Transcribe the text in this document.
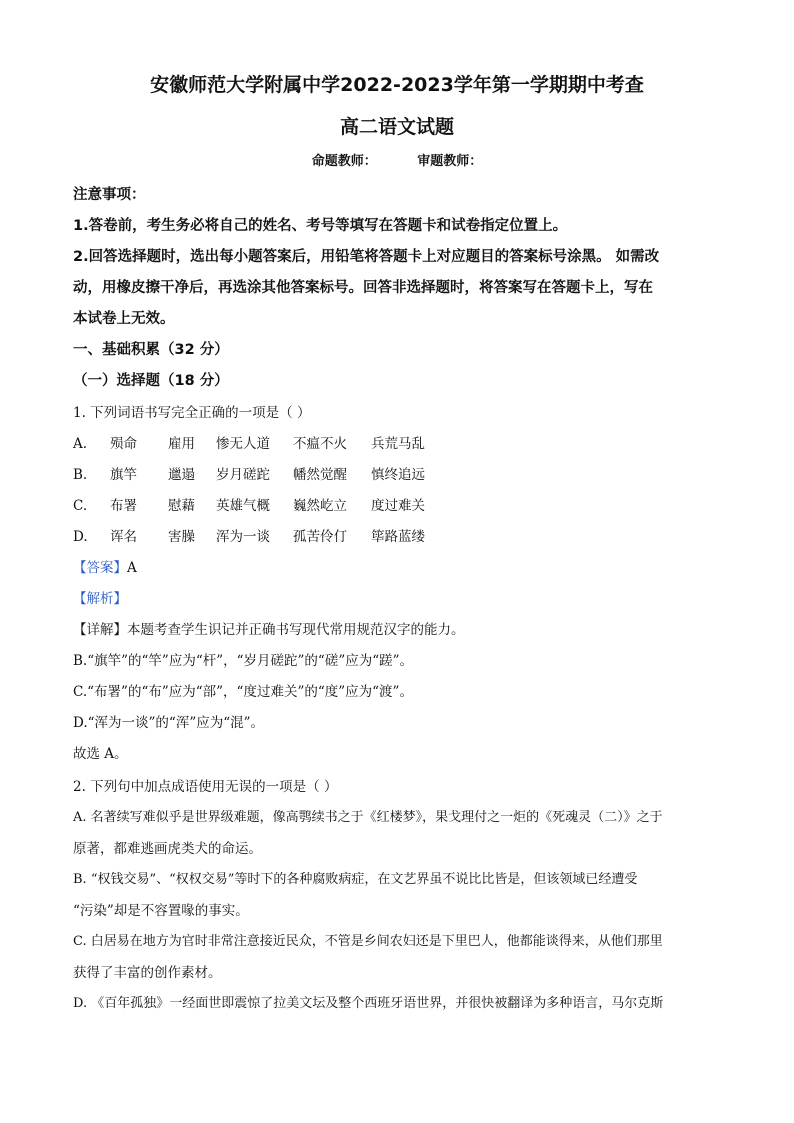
安徽师范大学附属中学2022-2023学年第一学期期中考查
高二语文试题
命题教师：	审题教师：
注意事项：
1.答卷前，考生务必将自己的姓名、考号等填写在答题卡和试卷指定位置上。
2.回答选择题时，选出每小题答案后，用铅笔将答题卡上对应题目的答案标号涂黑。 如需改
动，用橡皮擦干净后，再选涂其他答案标号。回答非选择题时，将答案写在答题卡上，写在
本试卷上无效。
一、基础积累（32 分）
（一）选择题（18 分）
1. 下列词语书写完全正确的一项是（ ）
A. 殒命 雇用 惨无人道 不瘟不火 兵荒马乱
B. 旗竿 邋遢 岁月磋跎 幡然觉醒 慎终追远
C. 布署 慰藉 英雄气概 巍然屹立 度过难关
D. 诨名 害臊 浑为一谈 孤苦伶仃 筚路蓝缕
【答案】A
【解析】
【详解】本题考查学生识记并正确书写现代常用规范汉字的能力。
B.“旗竿”的“竿”应为“杆”，“岁月磋跎”的“磋”应为“蹉”。
C.“布署”的“布”应为“部”，“度过难关”的“度”应为“渡”。
D.“浑为一谈”的“浑”应为“混”。
故选 A。
2. 下列句中加点成语使用无误的一项是（ ）
A. 名著续写难似乎是世界级难题，像高鹗续书之于《红楼梦》，果戈理付之一炬的《死魂灵（二）》之于
原著，都难逃画虎类犬的命运。
B. “权钱交易”、“权权交易”等时下的各种腐败病症，在文艺界虽不说比比皆是，但该领域已经遭受
“污染”却是不容置喙的事实。
C. 白居易在地方为官时非常注意接近民众，不管是乡间农妇还是下里巴人，他都能谈得来，从他们那里
获得了丰富的创作素材。
D. 《百年孤独》一经面世即震惊了拉美文坛及整个西班牙语世界，并很快被翻译为多种语言，马尔克斯
